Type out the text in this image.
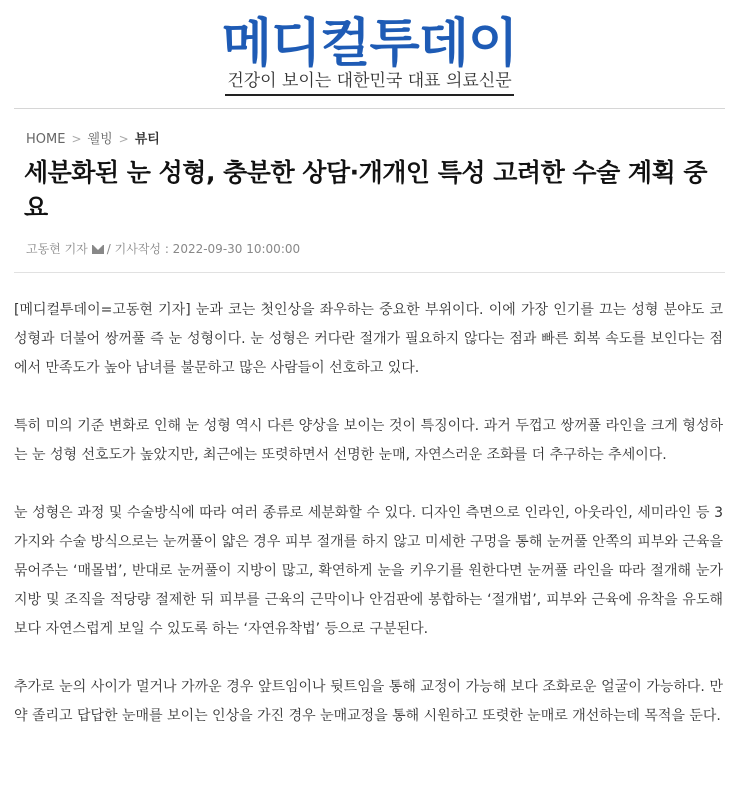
메디컬투데이
건강이 보이는 대한민국 대표 의료신문
HOME > 웰빙 > 뷰티
세분화된 눈 성형, 충분한 상담·개개인 특성 고려한 수술 계획 중요
고동현 기자 / 기사작성 : 2022-09-30 10:00:00

[메디컬투데이=고동현 기자] 눈과 코는 첫인상을 좌우하는 중요한 부위이다. 이에 가장 인기를 끄는 성형 분야도 코 성형과 더불어 쌍꺼풀 즉 눈 성형이다. 눈 성형은 커다란 절개가 필요하지 않다는 점과 빠른 회복 속도를 보인다는 점에서 만족도가 높아 남녀를 불문하고 많은 사람들이 선호하고 있다.

특히 미의 기준 변화로 인해 눈 성형 역시 다른 양상을 보이는 것이 특징이다. 과거 두껍고 쌍꺼풀 라인을 크게 형성하는 눈 성형 선호도가 높았지만, 최근에는 또렷하면서 선명한 눈매, 자연스러운 조화를 더 추구하는 추세이다.

눈 성형은 과정 및 수술방식에 따라 여러 종류로 세분화할 수 있다. 디자인 측면으로 인라인, 아웃라인, 세미라인 등 3가지와 수술 방식으로는 눈꺼풀이 얇은 경우 피부 절개를 하지 않고 미세한 구멍을 통해 눈꺼풀 안쪽의 피부와 근육을 묶어주는 ‘매몰법’, 반대로 눈꺼풀이 지방이 많고, 확연하게 눈을 키우기를 원한다면 눈꺼풀 라인을 따라 절개해 눈가 지방 및 조직을 적당량 절제한 뒤 피부를 근육의 근막이나 안검판에 봉합하는 ‘절개법’, 피부와 근육에 유착을 유도해 보다 자연스럽게 보일 수 있도록 하는 ‘자연유착법’ 등으로 구분된다.

추가로 눈의 사이가 멀거나 가까운 경우 앞트임이나 뒷트임을 통해 교정이 가능해 보다 조화로운 얼굴이 가능하다. 만약 졸리고 답답한 눈매를 보이는 인상을 가진 경우 눈매교정을 통해 시원하고 또렷한 눈매로 개선하는데 목적을 둔다.
